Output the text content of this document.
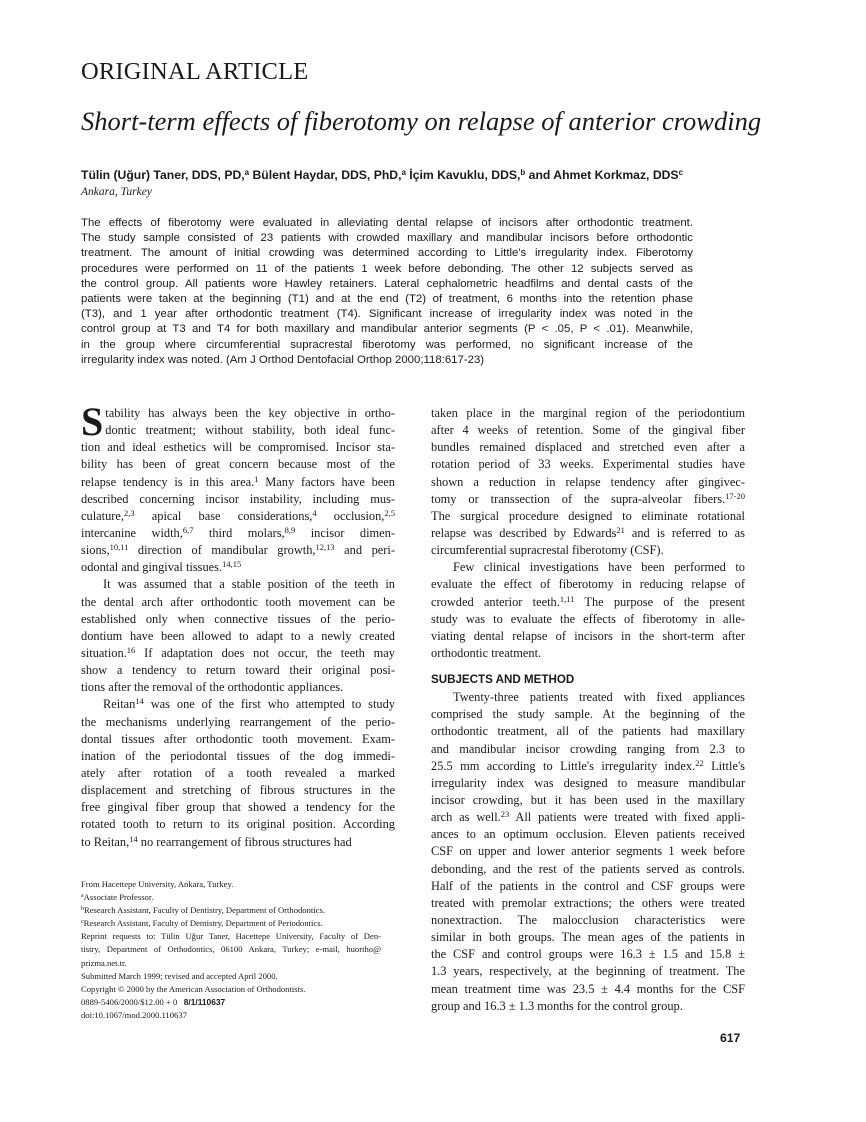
ORIGINAL ARTICLE
Short-term effects of fiberotomy on relapse of anterior crowding
Tülin (Uğur) Taner, DDS, PD,$^a$ Bülent Haydar, DDS, PhD,$^a$ İçim Kavuklu, DDS,$^b$ and Ahmet Korkmaz, DDS$^c$
Ankara, Turkey
The effects of fiberotomy were evaluated in alleviating dental relapse of incisors after orthodontic treatment.
The study sample consisted of 23 patients with crowded maxillary and mandibular incisors before orthodontic
treatment. The amount of initial crowding was determined according to Little's irregularity index. Fiberotomy
procedures were performed on 11 of the patients 1 week before debonding. The other 12 subjects served as
the control group. All patients wore Hawley retainers. Lateral cephalometric headfilms and dental casts of the
patients were taken at the beginning (T1) and at the end (T2) of treatment, 6 months into the retention phase
(T3), and 1 year after orthodontic treatment (T4). Significant increase of irregularity index was noted in the
control group at T3 and T4 for both maxillary and mandibular anterior segments (P < .05, P < .01). Meanwhile,
in the group where circumferential supracrestal fiberotomy was performed, no significant increase of the
irregularity index was noted. (Am J Orthod Dentofacial Orthop 2000;118:617-23)
S tability has always been the key objective in ortho-
dontic treatment; without stability, both ideal func-
tion and ideal esthetics will be compromised. Incisor sta-
bility has been of great concern because most of the
relapse tendency is in this area.$^1$ Many factors have been
described concerning incisor instability, including mus-
culature,$^{2,3}$ apical base considerations,$^4$ occlusion,$^{2,5}$
intercanine width,$^{6,7}$ third molars,$^{8,9}$ incisor dimen-
sions,$^{10,11}$ direction of mandibular growth,$^{12,13}$ and peri-
odontal and gingival tissues.$^{14,15}$
It was assumed that a stable position of the teeth in
the dental arch after orthodontic tooth movement can be
established only when connective tissues of the perio-
dontium have been allowed to adapt to a newly created
situation.$^{16}$ If adaptation does not occur, the teeth may
show a tendency to return toward their original posi-
tions after the removal of the orthodontic appliances.
Reitan$^{14}$ was one of the first who attempted to study
the mechanisms underlying rearrangement of the perio-
dontal tissues after orthodontic tooth movement. Exam-
ination of the periodontal tissues of the dog immedi-
ately after rotation of a tooth revealed a marked
displacement and stretching of fibrous structures in the
free gingival fiber group that showed a tendency for the
rotated tooth to return to its original position. According
to Reitan,$^{14}$ no rearrangement of fibrous structures had
taken place in the marginal region of the periodontium
after 4 weeks of retention. Some of the gingival fiber
bundles remained displaced and stretched even after a
rotation period of 33 weeks. Experimental studies have
shown a reduction in relapse tendency after gingivec-
tomy or transsection of the supra-alveolar fibers.$^{17-20}$
The surgical procedure designed to eliminate rotational
relapse was described by Edwards$^{21}$ and is referred to as
circumferential supracrestal fiberotomy (CSF).
Few clinical investigations have been performed to
evaluate the effect of fiberotomy in reducing relapse of
crowded anterior teeth.$^{1,11}$ The purpose of the present
study was to evaluate the effects of fiberotomy in alle-
viating dental relapse of incisors in the short-term after
orthodontic treatment.
SUBJECTS AND METHOD
Twenty-three patients treated with fixed appliances
comprised the study sample. At the beginning of the
orthodontic treatment, all of the patients had maxillary
and mandibular incisor crowding ranging from 2.3 to
25.5 mm according to Little's irregularity index.$^{22}$ Little's
irregularity index was designed to measure mandibular
incisor crowding, but it has been used in the maxillary
arch as well.$^{23}$ All patients were treated with fixed appli-
ances to an optimum occlusion. Eleven patients received
CSF on upper and lower anterior segments 1 week before
debonding, and the rest of the patients served as controls.
Half of the patients in the control and CSF groups were
treated with premolar extractions; the others were treated
nonextraction. The malocclusion characteristics were
similar in both groups. The mean ages of the patients in
the CSF and control groups were 16.3 ± 1.5 and 15.8 ±
1.3 years, respectively, at the beginning of treatment. The
mean treatment time was 23.5 ± 4.4 months for the CSF
group and 16.3 ± 1.3 months for the control group.
From Hacettepe University, Ankara, Turkey.
$^a$Associate Professor.
$^b$Research Assistant, Faculty of Dentistry, Department of Orthodontics.
$^c$Research Assistant, Faculty of Dentistry, Department of Periodontics.
Reprint requests to: Tülin Uğur Taner, Hacettepe University, Faculty of Den-
tistry, Department of Orthodontics, 06100 Ankara, Turkey; e-mail, huortho@
prizma.net.tr.
Submitted March 1999; revised and accepted April 2000.
Copyright © 2000 by the American Association of Orthodontists.
0889-5406/2000/$12.00 + 0 8/1/110637
doi:10.1067/mod.2000.110637
617
